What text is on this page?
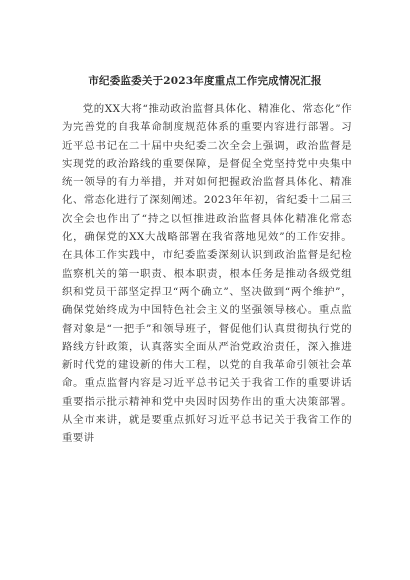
市纪委监委关于2023年度重点工作完成情况汇报

党的XX大将“推动政治监督具体化、精准化、常态化”作为完善党的自我革命制度规范体系的重要内容进行部署。习近平总书记在二十届中央纪委二次全会上强调，政治监督是实现党的政治路线的重要保障，是督促全党坚持党中央集中统一领导的有力举措，并对如何把握政治监督具体化、精准化、常态化进行了深刻阐述。2023年年初，省纪委十二届三次全会也作出了“持之以恒推进政治监督具体化精准化常态化，确保党的XX大战略部署在我省落地见效”的工作安排。在具体工作实践中，市纪委监委深刻认识到政治监督是纪检监察机关的第一职责、根本职责，根本任务是推动各级党组织和党员干部坚定捍卫“两个确立”、坚决做到“两个维护”，确保党始终成为中国特色社会主义的坚强领导核心。重点监督对象是“一把手”和领导班子，督促他们认真贯彻执行党的路线方针政策，认真落实全面从严治党政治责任，深入推进新时代党的建设新的伟大工程，以党的自我革命引领社会革命。重点监督内容是习近平总书记关于我省工作的重要讲话重要指示批示精神和党中央因时因势作出的重大决策部署。从全市来讲，就是要重点抓好习近平总书记关于我省工作的重要讲
